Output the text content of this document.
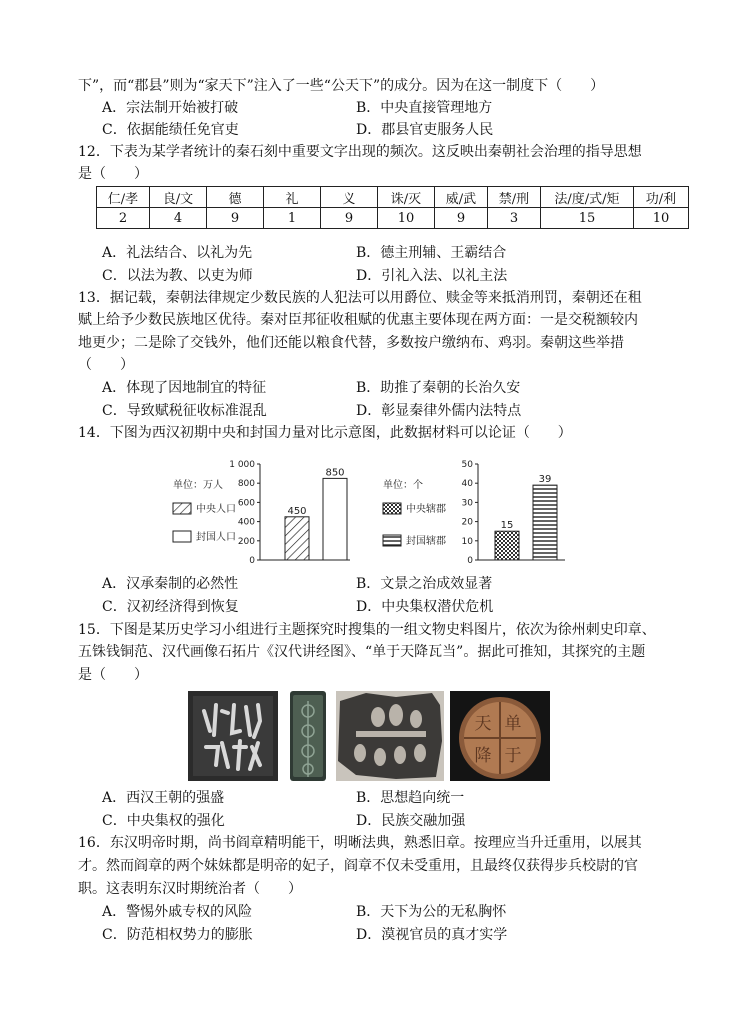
下”，而“郡县”则为“家天下”注入了一些“公天下”的成分。因为在这一制度下（　　）
A．宗法制开始被打破	B．中央直接管理地方
C．依据能绩任免官吏	D．郡县官吏服务人民
12．下表为某学者统计的秦石刻中重要文字出现的频次。这反映出秦朝社会治理的指导思想
是（　　）
仁/孝	良/文	德	礼	义	诛/灭	威/武	禁/刑	法/度/式/矩	功/利
2	4	9	1	9	10	9	3	15	10
A．礼法结合、以礼为先	B．德主刑辅、王霸结合
C．以法为教、以吏为师	D．引礼入法、以礼主法
13．据记载，秦朝法律规定少数民族的人犯法可以用爵位、赎金等来抵消刑罚，秦朝还在租
赋上给予少数民族地区优待。秦对臣邦征收租赋的优惠主要体现在两方面：一是交税额较内
地更少；二是除了交钱外，他们还能以粮食代替，多数按户缴纳布、鸡羽。秦朝这些举措
（　　）
A．体现了因地制宜的特征	B．助推了秦朝的长治久安
C．导致赋税征收标准混乱	D．彰显秦律外儒内法特点
14．下图为西汉初期中央和封国力量对比示意图，此数据材料可以论证（　　）
1 000
800
600
400
200
0
单位：万人
中央人口
封国人口
450
850
50
40
30
20
10
0
单位：个
中央辖郡
封国辖郡
15
39
A．汉承秦制的必然性	B．文景之治成效显著
C．汉初经济得到恢复	D．中央集权潜伏危机
15．下图是某历史学习小组进行主题探究时搜集的一组文物史料图片，依次为徐州刺史印章、
五铢钱铜范、汉代画像石拓片《汉代讲经图》、“单于天降瓦当”。据此可推知，其探究的主题
是（　　）
单
于
天
降
A．西汉王朝的强盛	B．思想趋向统一
C．中央集权的强化	D．民族交融加强
16．东汉明帝时期，尚书阎章精明能干，明晰法典，熟悉旧章。按理应当升迁重用，以展其
才。然而阎章的两个妹妹都是明帝的妃子，阎章不仅未受重用，且最终仅获得步兵校尉的官
职。这表明东汉时期统治者（　　）
A．警惕外戚专权的风险	B．天下为公的无私胸怀
C．防范相权势力的膨胀	D．漠视官员的真才实学
